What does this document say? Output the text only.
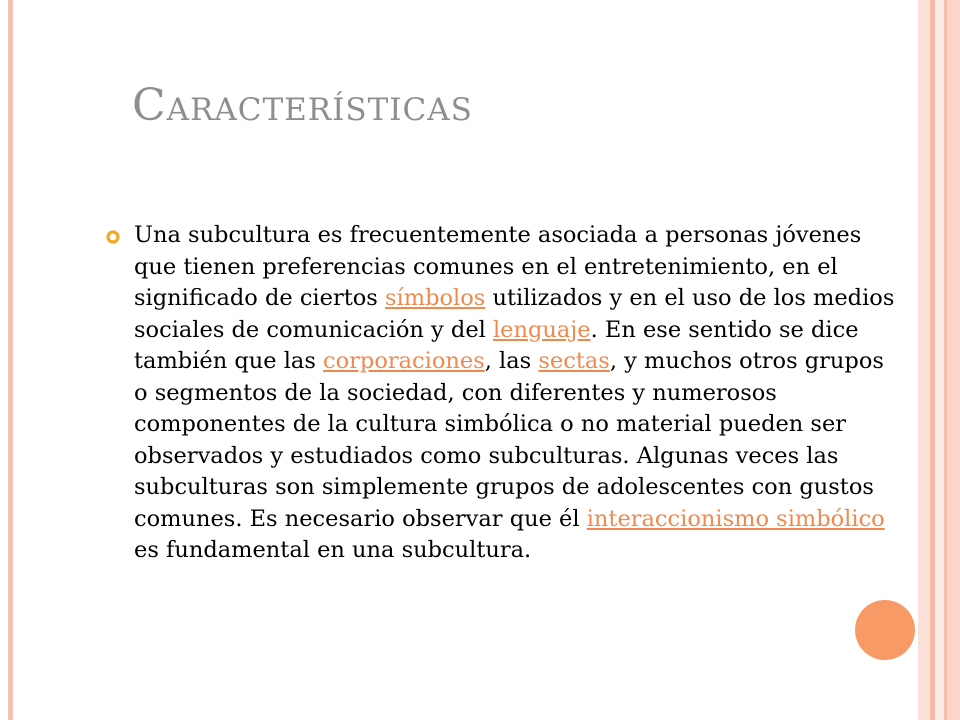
Características

Una subcultura es frecuentemente asociada a personas jóvenes que tienen preferencias comunes en el entretenimiento, en el significado de ciertos símbolos utilizados y en el uso de los medios sociales de comunicación y del lenguaje. En ese sentido se dice también que las corporaciones, las sectas, y muchos otros grupos o segmentos de la sociedad, con diferentes y numerosos componentes de la cultura simbólica o no material pueden ser observados y estudiados como subculturas. Algunas veces las subculturas son simplemente grupos de adolescentes con gustos comunes. Es necesario observar que él interaccionismo simbólico es fundamental en una subcultura.
